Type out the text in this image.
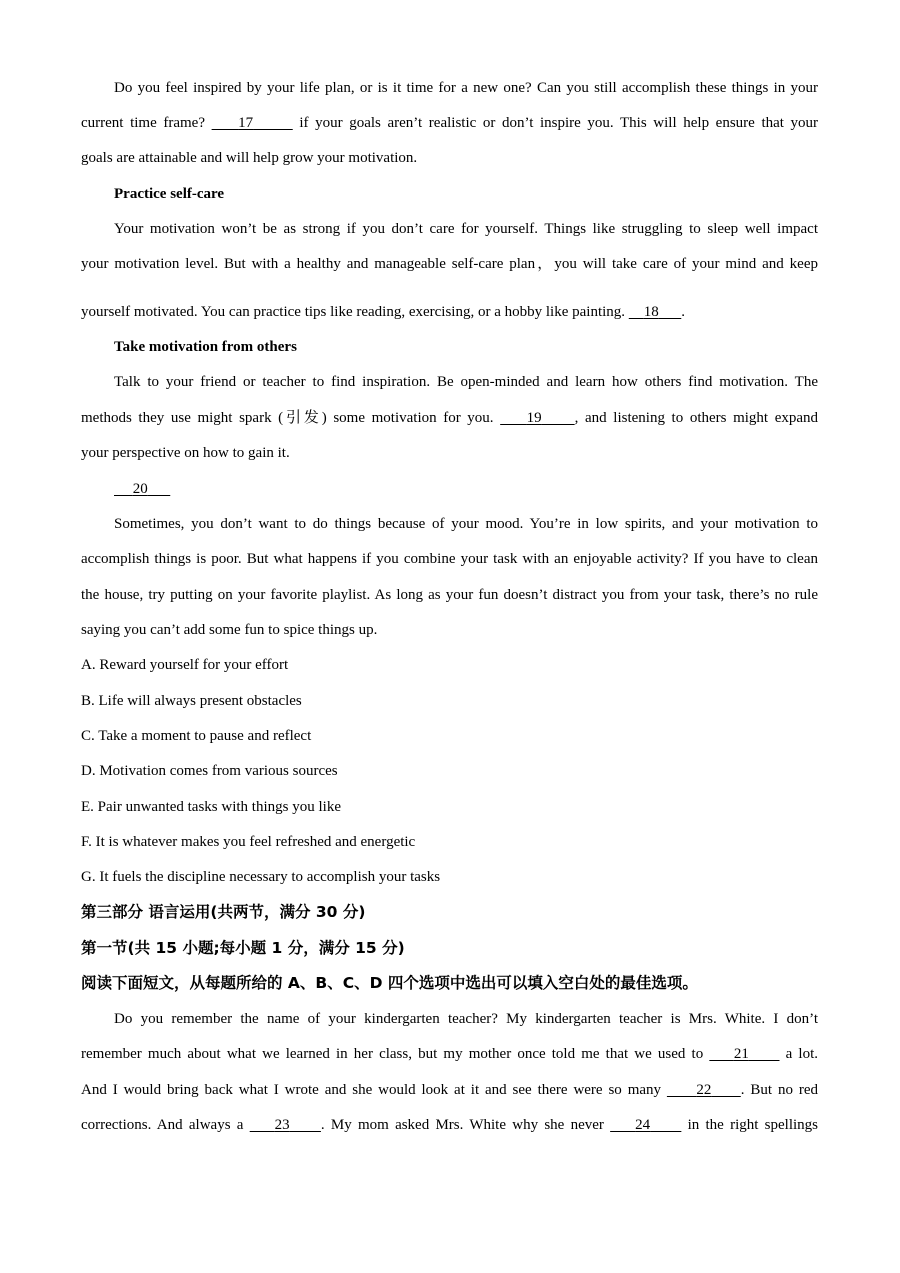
Do you feel inspired by your life plan, or is it time for a new one? Can you still accomplish these things in your
current time frame?     17	if your goals aren’t realistic or don’t inspire you. This will help ensure that your
goals are attainable and will help grow your motivation.
Practice self-care
Your motivation won’t be as strong if you don’t care for yourself. Things like struggling to sleep well impact
your motivation level. But with a healthy and manageable self-care plan，you will take care of your mind and keep
yourself motivated. You can practice tips like reading, exercising, or a hobby like painting.     18 .
Take motivation from others
Talk to your friend or teacher to find inspiration. Be open-minded and learn how others find motivation. The
methods they use might spark (引发) some motivation for you.     19 , and listening to others might expand
your perspective on how to gain it.
20
Sometimes, you don’t want to do things because of your mood. You’re in low spirits, and your motivation to
accomplish things is poor. But what happens if you combine your task with an enjoyable activity? If you have to clean
the house, try putting on your favorite playlist. As long as your fun doesn’t distract you from your task, there’s no rule
saying you can’t add some fun to spice things up.
A. Reward yourself for your effort
B. Life will always present obstacles
C. Take a moment to pause and reflect
D. Motivation comes from various sources
E. Pair unwanted tasks with things you like
F. It is whatever makes you feel refreshed and energetic
G. It fuels the discipline necessary to accomplish your tasks
第三部分 语言运用(共两节，满分 30 分)
第一节(共 15 小题;每小题 1 分，满分 15 分)
阅读下面短文，从每题所给的 A、B、C、D 四个选项中选出可以填入空白处的最佳选项。
Do you remember the name of your kindergarten teacher? My kindergarten teacher is Mrs. White. I don’t
remember much about what we learned in her class, but my mother once told me that we used to     21      a lot.
And I would bring back what I wrote and she would look at it and see there were so many      22 . But no red
corrections. And always a     23 . My mom asked Mrs. White why she never     24      in the right spellings
